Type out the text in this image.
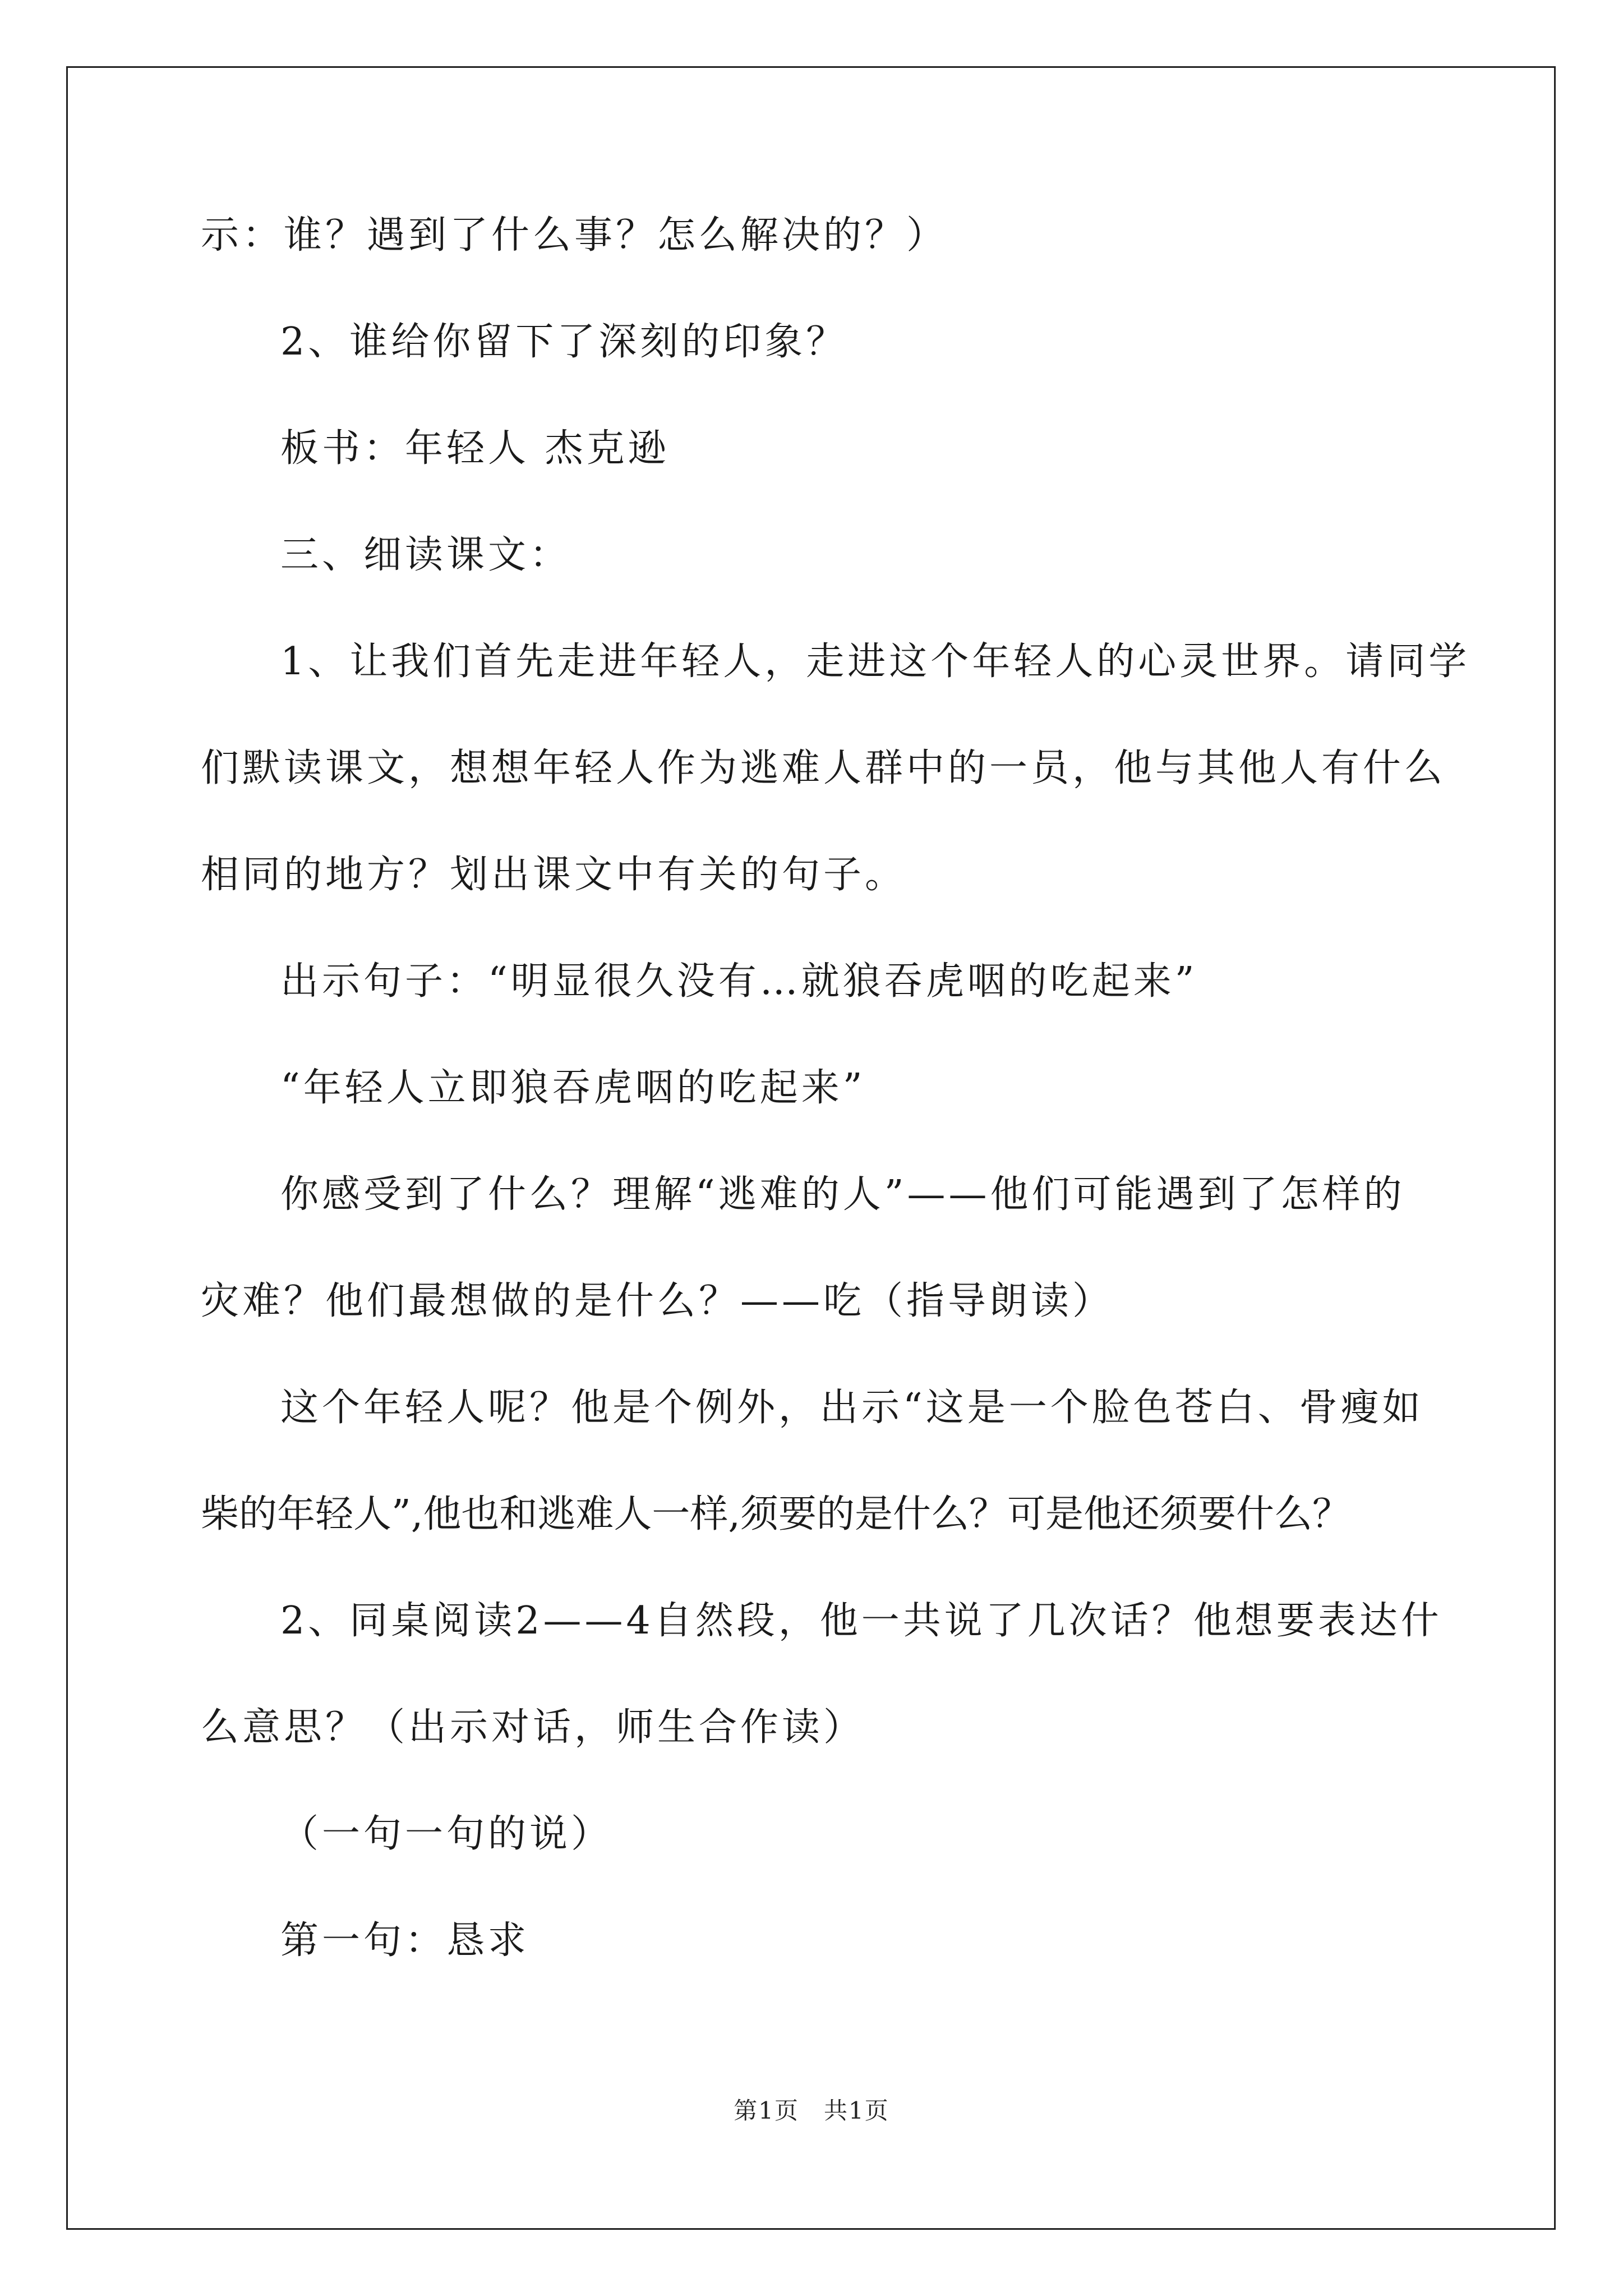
示：谁？遇到了什么事？怎么解决的？）
2、谁给你留下了深刻的印象？
板书：年轻人 杰克逊
三、细读课文：
1、让我们首先走进年轻人，走进这个年轻人的心灵世界。请同学
们默读课文，想想年轻人作为逃难人群中的一员，他与其他人有什么
相同的地方？划出课文中有关的句子。
出示句子：“明显很久没有…就狼吞虎咽的吃起来”
“年轻人立即狼吞虎咽的吃起来”
你感受到了什么？理解“逃难的人”——他们可能遇到了怎样的
灾难？他们最想做的是什么？——吃（指导朗读）
这个年轻人呢？他是个例外，出示“这是一个脸色苍白、骨瘦如
柴的年轻人”,他也和逃难人一样,须要的是什么？可是他还须要什么？
2、同桌阅读2——4自然段，他一共说了几次话？他想要表达什
么意思？（出示对话，师生合作读）
（一句一句的说）
第一句：恳求
第1页　共1页
